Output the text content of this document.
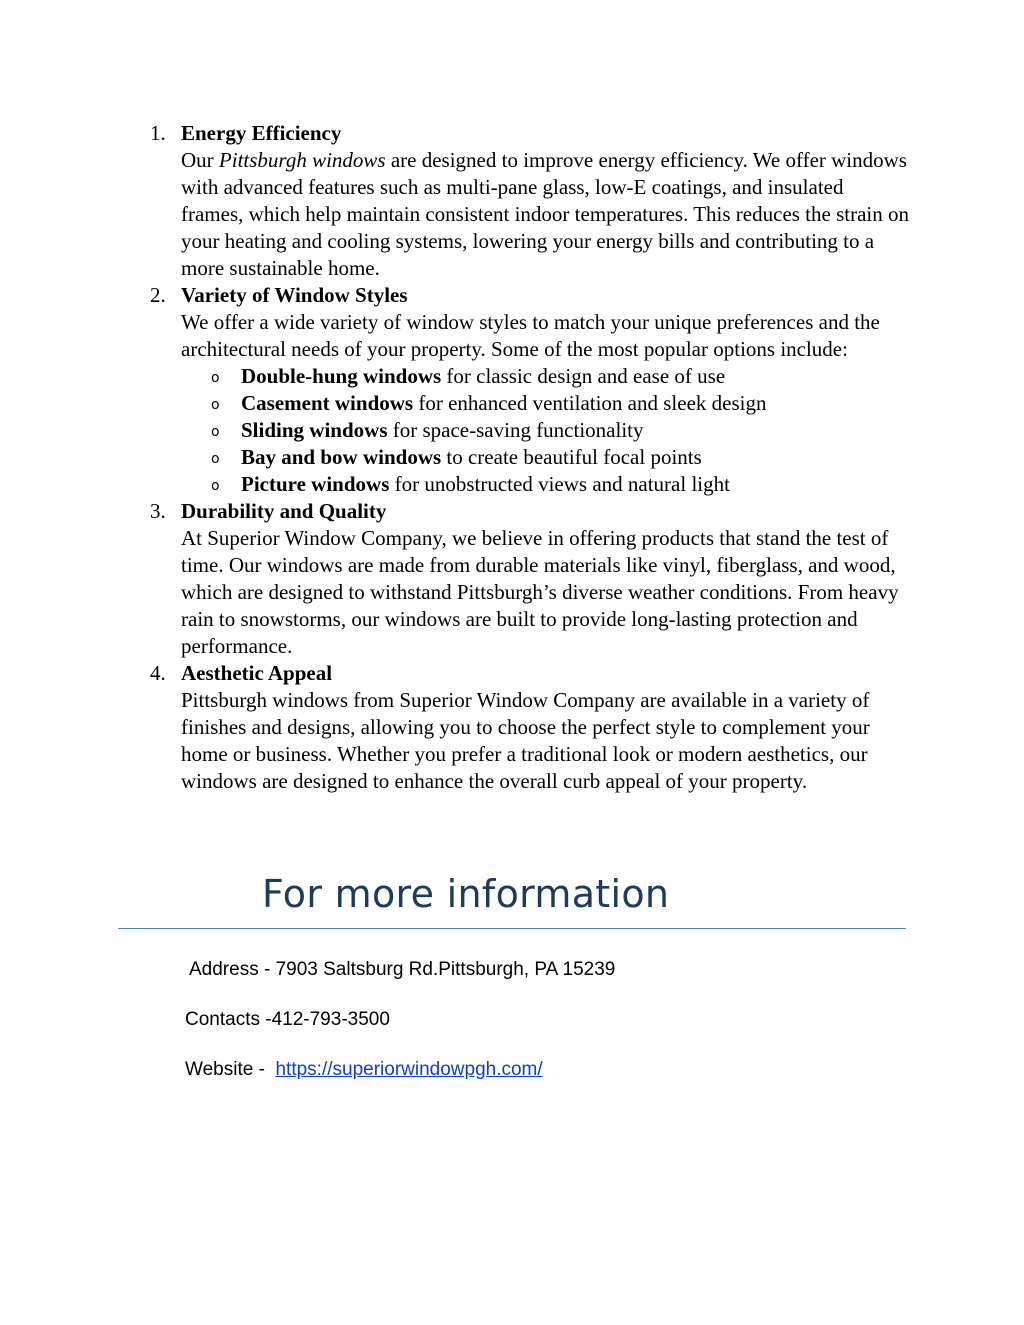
1. Energy Efficiency
Our Pittsburgh windows are designed to improve energy efficiency. We offer windows with advanced features such as multi-pane glass, low-E coatings, and insulated frames, which help maintain consistent indoor temperatures. This reduces the strain on your heating and cooling systems, lowering your energy bills and contributing to a more sustainable home.
2. Variety of Window Styles
We offer a wide variety of window styles to match your unique preferences and the architectural needs of your property. Some of the most popular options include:
o Double-hung windows for classic design and ease of use
o Casement windows for enhanced ventilation and sleek design
o Sliding windows for space-saving functionality
o Bay and bow windows to create beautiful focal points
o Picture windows for unobstructed views and natural light
3. Durability and Quality
At Superior Window Company, we believe in offering products that stand the test of time. Our windows are made from durable materials like vinyl, fiberglass, and wood, which are designed to withstand Pittsburgh’s diverse weather conditions. From heavy rain to snowstorms, our windows are built to provide long-lasting protection and performance.
4. Aesthetic Appeal
Pittsburgh windows from Superior Window Company are available in a variety of finishes and designs, allowing you to choose the perfect style to complement your home or business. Whether you prefer a traditional look or modern aesthetics, our windows are designed to enhance the overall curb appeal of your property.
For more information
Address - 7903 Saltsburg Rd.Pittsburgh, PA 15239
Contacts -412-793-3500
Website -  https://superiorwindowpgh.com/
